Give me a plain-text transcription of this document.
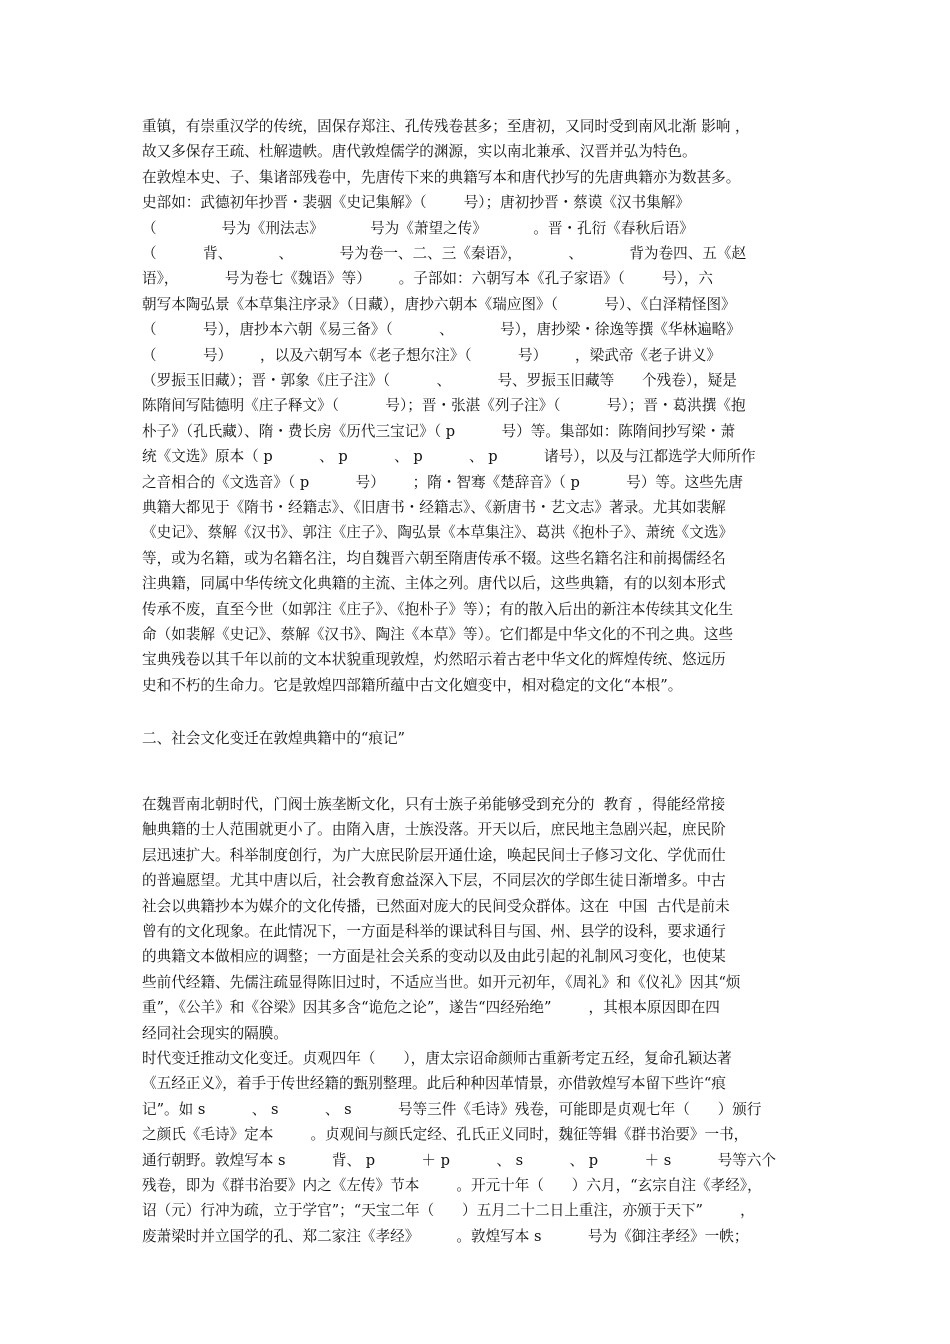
重镇，有崇重汉学的传统，固保存郑注、孔传残卷甚多；至唐初，又同时受到南风北渐 影响 ，
故又多保存王疏、杜解遗帙。唐代敦煌儒学的渊源，实以南北兼承、汉晋并弘为特色。
在敦煌本史、子、集诸部残卷中，先唐传下来的典籍写本和唐代抄写的先唐典籍亦为数甚多。
史部如：武德初年抄晋・裴骃《史记集解》（        号）；唐初抄晋・蔡谟《汉书集解》
（              号为《刑法志》          号为《萧望之传》          。晋・孔衍《春秋后语》
（          背、          、          号为卷一、二、三《秦语》，          、          背为卷四、五《赵
语》，          号为卷七《魏语》等）      。子部如：六朝写本《孔子家语》（        号），六
朝写本陶弘景《本草集注序录》（日藏），唐抄六朝本《瑞应图》（          号）、《白泽精怪图》
（          号），唐抄本六朝《易三备》（          、          号），唐抄梁・徐逸等撰《华林遍略》
（          号）      ，以及六朝写本《老子想尔注》（          号）      ，梁武帝《老子讲义》
（罗振玉旧藏）；晋・郭象《庄子注》（          、          号、罗振玉旧藏等      个残卷），疑是
陈隋间写陆德明《庄子释文》（          号）；晋・张湛《列子注》（          号）；晋・葛洪撰《抱
朴子》（孔氏藏）、隋・费长房《历代三宝记》（ p          号）等。集部如：陈隋间抄写梁・萧
统《文选》原本（ p          、 p          、 p          、 p          诸号），以及与江都选学大师所作
之音相合的《文选音》（ p          号）      ；隋・智骞《楚辞音》（ p          号）等。这些先唐
典籍大都见于《隋书・经籍志》、《旧唐书・经籍志》、《新唐书・艺文志》著录。尤其如裴解
《史记》、蔡解《汉书》、郭注《庄子》、陶弘景《本草集注》、葛洪《抱朴子》、萧统《文选》
等，或为名籍，或为名籍名注，均自魏晋六朝至隋唐传承不辍。这些名籍名注和前揭儒经名
注典籍，同属中华传统文化典籍的主流、主体之列。唐代以后，这些典籍，有的以刻本形式
传承不废，直至今世（如郭注《庄子》、《抱朴子》等）；有的散入后出的新注本传续其文化生
命（如裴解《史记》、蔡解《汉书》、陶注《本草》等）。它们都是中华文化的不刊之典。这些
宝典残卷以其千年以前的文本状貌重现敦煌，灼然昭示着古老中华文化的辉煌传统、悠远历
史和不朽的生命力。它是敦煌四部籍所蕴中古文化嬗变中，相对稳定的文化“本根”。
二、社会文化变迁在敦煌典籍中的“痕记”
在魏晋南北朝时代，门阀士族垄断文化，只有士族子弟能够受到充分的  教育 ，得能经常接
触典籍的士人范围就更小了。由隋入唐，士族没落。开天以后，庶民地主急剧兴起，庶民阶
层迅速扩大。科举制度创行，为广大庶民阶层开通仕途，唤起民间士子修习文化、学优而仕
的普遍愿望。尤其中唐以后，社会教育愈益深入下层，不同层次的学郎生徒日渐增多。中古
社会以典籍抄本为媒介的文化传播，已然面对庞大的民间受众群体。这在  中国  古代是前未
曾有的文化现象。在此情况下，一方面是科举的课试科目与国、州、县学的设科，要求通行
的典籍文本做相应的调整；一方面是社会关系的变动以及由此引起的礼制风习变化，也使某
些前代经籍、先儒注疏显得陈旧过时，不适应当世。如开元初年，《周礼》和《仪礼》因其“烦
重”，《公羊》和《谷梁》因其多含“诡危之论”，遂告“四经殆绝”        ，其根本原因即在四
经同社会现实的隔膜。
时代变迁推动文化变迁。贞观四年（      ），唐太宗诏命颜师古重新考定五经，复命孔颖达著
《五经正义》，着手于传世经籍的甄别整理。此后种种因革情景，亦借敦煌写本留下些许“痕
记”。如 s          、 s          、 s          号等三件《毛诗》残卷，可能即是贞观七年（      ）颁行
之颜氏《毛诗》定本        。贞观间与颜氏定经、孔氏正义同时，魏征等辑《群书治要》一书，
通行朝野。敦煌写本 s          背、 p          ＋ p          、 s          、 p          ＋ s          号等六个
残卷，即为《群书治要》内之《左传》节本        。开元十年（      ）六月，“玄宗自注《孝经》，
诏（元）行冲为疏，立于学官”；“天宝二年（      ）五月二十二日上重注，亦颁于天下”        ，
废萧梁时并立国学的孔、郑二家注《孝经》        。敦煌写本 s          号为《御注孝经》一帙；
